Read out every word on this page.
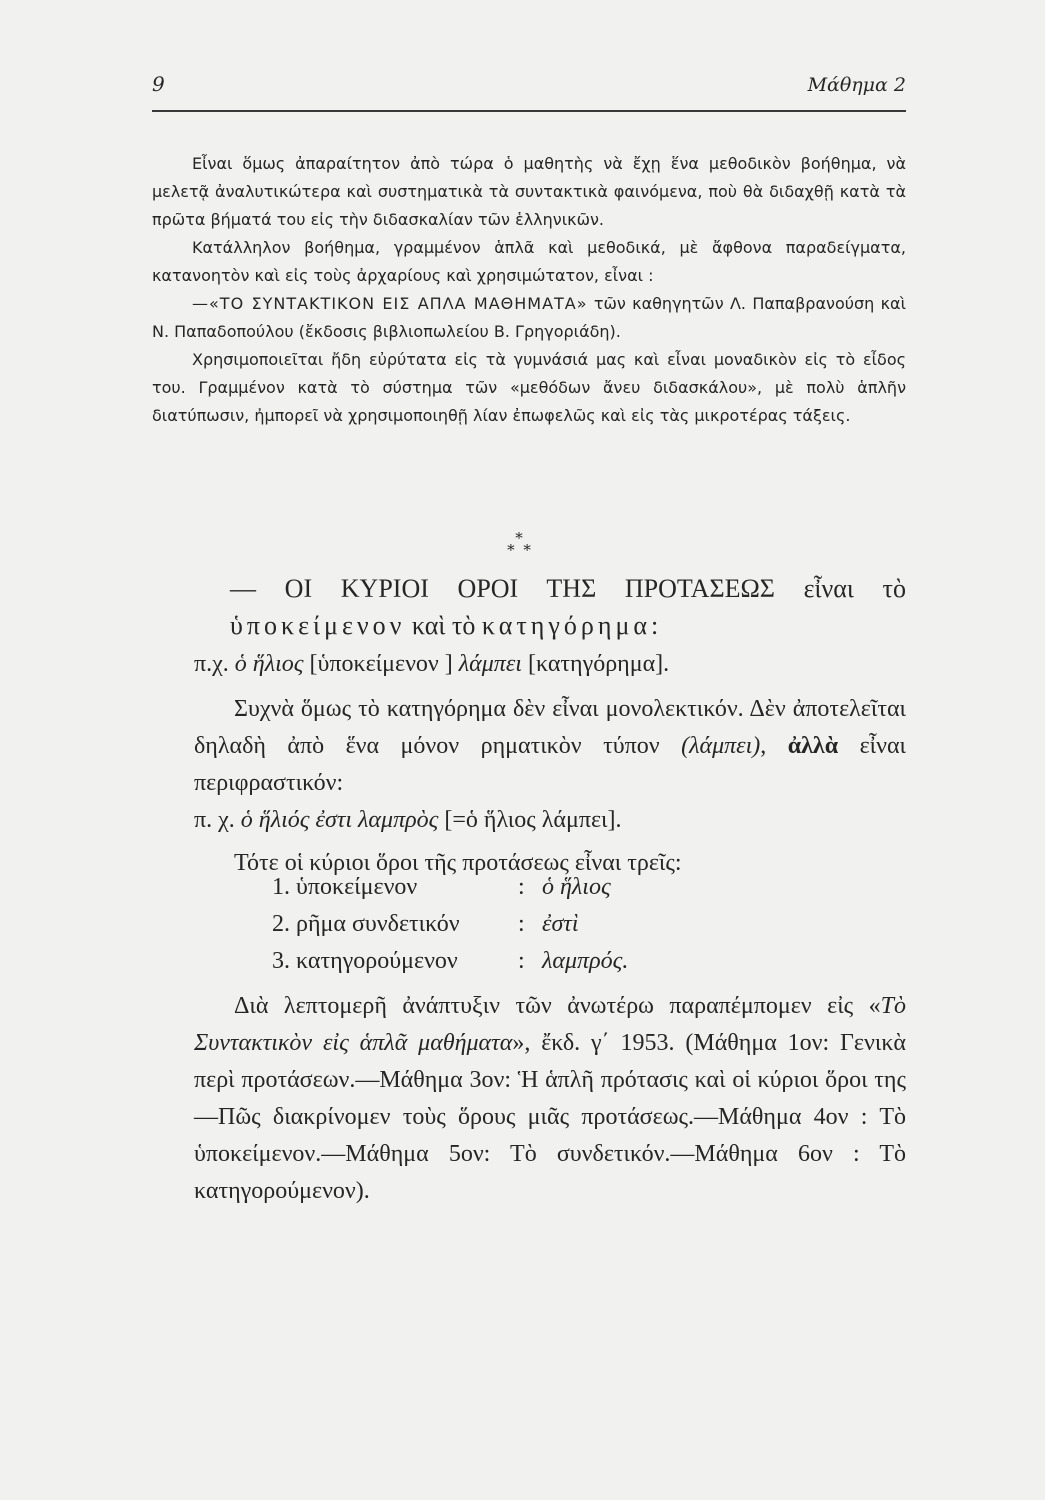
9	Μάθημα 2

Εἶναι ὅμως ἀπαραίτητον ἀπὸ τώρα ὁ μαθητὴς νὰ ἔχῃ ἕνα μεθοδικὸν βοήθημα, νὰ μελετᾷ ἀναλυτικώτερα καὶ συστηματικὰ τὰ συντακτικὰ φαινόμενα, ποὺ θὰ διδαχθῇ κατὰ τὰ πρῶτα βήματά του εἰς τὴν διδασκαλίαν τῶν ἑλληνικῶν.

Κατάλληλον βοήθημα, γραμμένον ἁπλᾶ καὶ μεθοδικά, μὲ ἄφθονα παραδείγματα, κατανοητὸν καὶ εἰς τοὺς ἀρχαρίους καὶ χρησιμώτατον, εἶναι :

—«ΤΟ ΣΥΝΤΑΚΤΙΚΟΝ ΕΙΣ ΑΠΛΑ ΜΑΘΗΜΑΤΑ» τῶν καθηγητῶν Λ. Παπαβρανούση καὶ Ν. Παπαδοπούλου (ἔκδοσις βιβλιοπωλείου Β. Γρηγοριάδη).

Χρησιμοποιεῖται ἤδη εὐρύτατα εἰς τὰ γυμνάσιά μας καὶ εἶναι μοναδικὸν εἰς τὸ εἶδος του. Γραμμένον κατὰ τὸ σύστημα τῶν «μεθόδων ἄνευ διδασκάλου», μὲ πολὺ ἁπλῆν διατύπωσιν, ἠμπορεῖ νὰ χρησιμοποιηθῇ λίαν ἐπωφελῶς καὶ εἰς τὰς μικροτέρας τάξεις.

*
* *

— ΟΙ ΚΥΡΙΟΙ ΟΡΟΙ ΤΗΣ ΠΡΟΤΑΣΕΩΣ εἶναι τὸ ὑποκείμενον καὶ τὸ κατηγόρημα:

π.χ. ὁ ἥλιος [ὑποκείμενον ] λάμπει [κατηγόρημα].

Συχνὰ ὅμως τὸ κατηγόρημα δὲν εἶναι μονολεκτικόν. Δὲν ἀποτελεῖται δηλαδὴ ἀπὸ ἕνα μόνον ρηματικὸν τύπον (λάμπει), ἀλλὰ εἶναι περιφραστικόν:

π. χ. ὁ ἥλιός ἐστι λαμπρὸς [=ὁ ἥλιος λάμπει].

Τότε οἱ κύριοι ὅροι τῆς προτάσεως εἶναι τρεῖς:

1. ὑποκείμενον	: ὁ ἥλιος
2. ρῆμα συνδετικόν : ἐστὶ
3. κατηγορούμενον	: λαμπρός.

Διὰ λεπτομερῆ ἀνάπτυξιν τῶν ἀνωτέρω παραπέμπομεν εἰς «Τὸ Συντακτικὸν εἰς ἁπλᾶ μαθήματα», ἔκδ. γ΄ 1953. (Μάθημα 1ον: Γενικὰ περὶ προτάσεων.—Μάθημα 3ον: Ἡ ἁπλῆ πρότασις καὶ οἱ κύριοι ὅροι της—Πῶς διακρίνομεν τοὺς ὅρους μιᾶς προτάσεως.—Μάθημα 4ον : Τὸ ὑποκείμενον.—Μάθημα 5ον: Τὸ συνδετικόν.—Μάθημα 6ον : Τὸ κατηγορούμενον).
